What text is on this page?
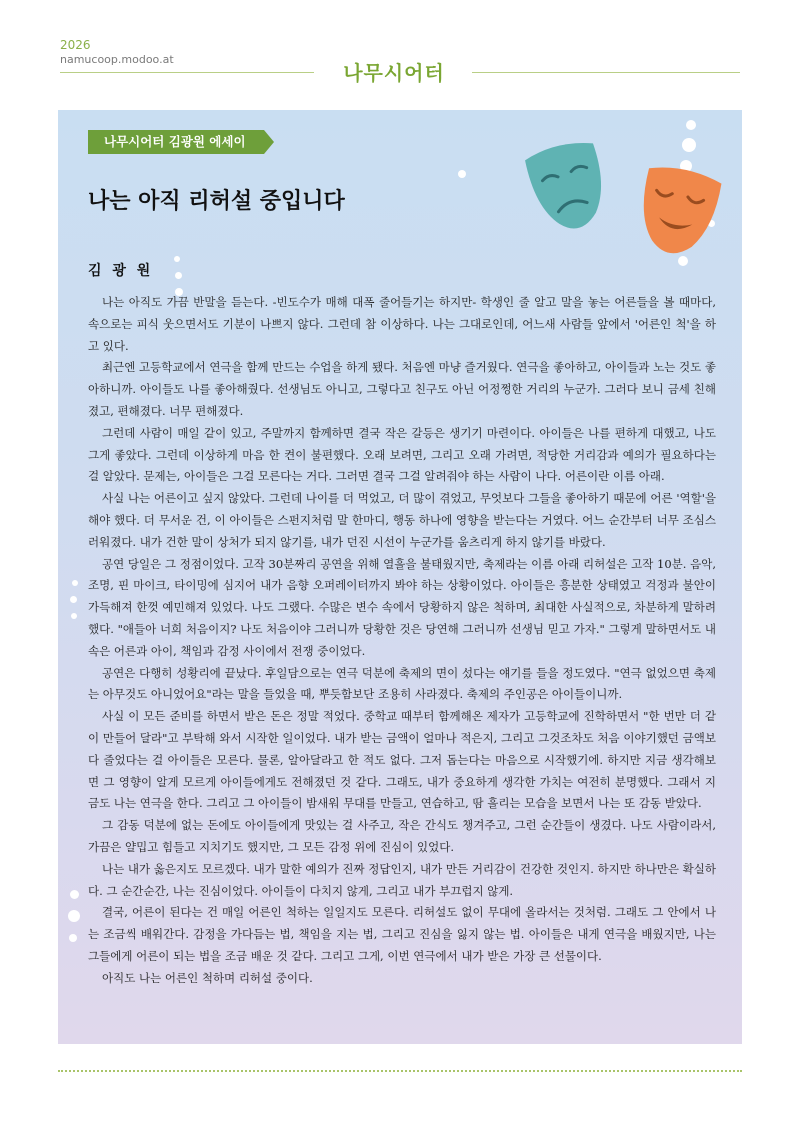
2026
namucoop.modoo.at
나무시어터
나무시어터 김광원 에세이
나는 아직 리허설 중입니다
김 광 원

나는 아직도 가끔 반말을 듣는다. -빈도수가 매해 대폭 줄어들기는 하지만- 학생인 줄 알고 말을 놓는 어른들을 볼 때마다, 속으로는 피식 웃으면서도 기분이 나쁘지 않다. 그런데 참 이상하다. 나는 그대로인데, 어느새 사람들 앞에서 '어른인 척'을 하고 있다.

최근엔 고등학교에서 연극을 함께 만드는 수업을 하게 됐다. 처음엔 마냥 즐거웠다. 연극을 좋아하고, 아이들과 노는 것도 좋아하니까. 아이들도 나를 좋아해줬다. 선생님도 아니고, 그렇다고 친구도 아닌 어정쩡한 거리의 누군가. 그러다 보니 금세 친해졌고, 편해졌다. 너무 편해졌다.

그런데 사람이 매일 같이 있고, 주말까지 함께하면 결국 작은 갈등은 생기기 마련이다. 아이들은 나를 편하게 대했고, 나도 그게 좋았다. 그런데 이상하게 마음 한 켠이 불편했다. 오래 보려면, 그리고 오래 가려면, 적당한 거리감과 예의가 필요하다는 걸 알았다. 문제는, 아이들은 그걸 모른다는 거다. 그러면 결국 그걸 알려줘야 하는 사람이 나다. 어른이란 이름 아래.

사실 나는 어른이고 싶지 않았다. 그런데 나이를 더 먹었고, 더 많이 겪었고, 무엇보다 그들을 좋아하기 때문에 어른 '역할'을 해야 했다. 더 무서운 건, 이 아이들은 스펀지처럼 말 한마디, 행동 하나에 영향을 받는다는 거였다. 어느 순간부터 너무 조심스러워졌다. 내가 건한 말이 상처가 되지 않기를, 내가 던진 시선이 누군가를 움츠리게 하지 않기를 바랐다.

공연 당일은 그 정점이었다. 고작 30분짜리 공연을 위해 열흘을 불태웠지만, 축제라는 이름 아래 리허설은 고작 10분. 음악, 조명, 핀 마이크, 타이밍에 심지어 내가 음향 오퍼레이터까지 봐야 하는 상황이었다. 아이들은 흥분한 상태였고 걱정과 불안이 가득해져 한껏 예민해져 있었다. 나도 그랬다. 수많은 변수 속에서 당황하지 않은 척하며, 최대한 사실적으로, 차분하게 말하려 했다. "애들아 너희 처음이지? 나도 처음이야 그러니까 당황한 것은 당연해 그러니까 선생님 믿고 가자." 그렇게 말하면서도 내 속은 어른과 아이, 책임과 감정 사이에서 전쟁 중이었다.

공연은 다행히 성황리에 끝났다. 후일담으로는 연극 덕분에 축제의 면이 섰다는 얘기를 들을 정도였다. "연극 없었으면 축제는 아무것도 아니었어요"라는 말을 들었을 때, 뿌듯함보단 조용히 사라졌다. 축제의 주인공은 아이들이니까.

사실 이 모든 준비를 하면서 받은 돈은 정말 적었다. 중학교 때부터 함께해온 제자가 고등학교에 진학하면서 "한 번만 더 같이 만들어 달라"고 부탁해 와서 시작한 일이었다. 내가 받는 금액이 얼마나 적은지, 그리고 그것조차도 처음 이야기했던 금액보다 줄었다는 걸 아이들은 모른다. 물론, 알아달라고 한 적도 없다. 그저 돕는다는 마음으로 시작했기에. 하지만 지금 생각해보면 그 영향이 알게 모르게 아이들에게도 전해졌던 것 같다. 그래도, 내가 중요하게 생각한 가치는 여전히 분명했다. 그래서 지금도 나는 연극을 한다. 그리고 그 아이들이 밤새워 무대를 만들고, 연습하고, 땀 흘리는 모습을 보면서 나는 또 감동 받았다.

그 감동 덕분에 없는 돈에도 아이들에게 맛있는 걸 사주고, 작은 간식도 챙겨주고, 그런 순간들이 생겼다. 나도 사람이라서, 가끔은 얄밉고 힘들고 지치기도 했지만, 그 모든 감정 위에 진심이 있었다.

나는 내가 옳은지도 모르겠다. 내가 말한 예의가 진짜 정답인지, 내가 만든 거리감이 건강한 것인지. 하지만 하나만은 확실하다. 그 순간순간, 나는 진심이었다. 아이들이 다치지 않게, 그리고 내가 부끄럽지 않게.

결국, 어른이 된다는 건 매일 어른인 척하는 일일지도 모른다. 리허설도 없이 무대에 올라서는 것처럼. 그래도 그 안에서 나는 조금씩 배워간다. 감정을 가다듬는 법, 책임을 지는 법, 그리고 진심을 잃지 않는 법. 아이들은 내게 연극을 배웠지만, 나는 그들에게 어른이 되는 법을 조금 배운 것 같다. 그리고 그게, 이번 연극에서 내가 받은 가장 큰 선물이다.

아직도 나는 어른인 척하며 리허설 중이다.
